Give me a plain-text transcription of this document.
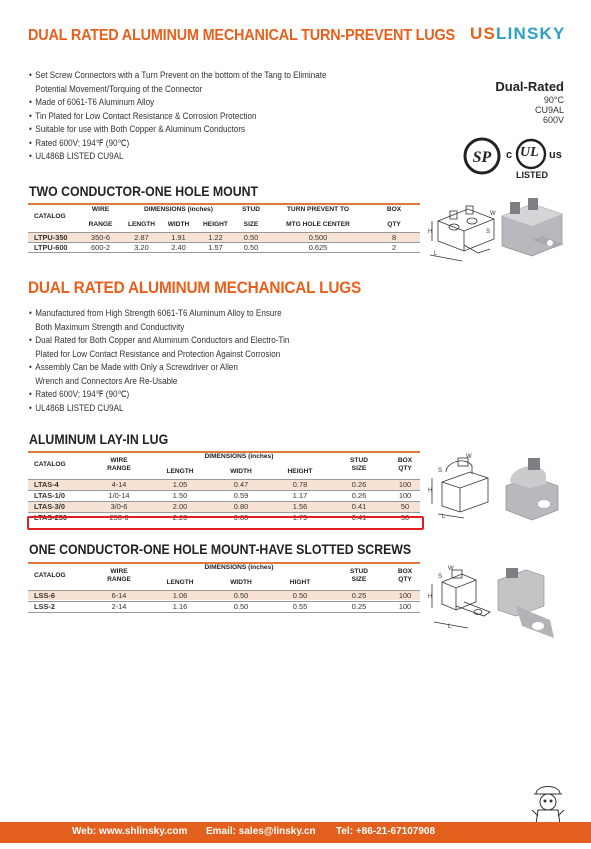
DUAL RATED ALUMINUM MECHANICAL TURN-PREVENT LUGS USLINSKY
• Set Screw Connectors with a Turn Prevent on the bottom of the Tang to Eliminate
Potential Movement/Torquing of the Connector
• Made of 6061-T6 Aluminum Alloy
• Tin Plated for Low Contact Resistance & Corrosion Protection
• Suitable for use with Both Copper & Aluminum Conductors
• Rated 600V; 194℉ (90℃)
• UL486B LISTED CU9AL
Dual-Rated
90°C
CU9AL
600V
SP c UL us
LISTED
TWO CONDUCTOR-ONE HOLE MOUNT
CATALOG	WIRE	DIMENSIONS (inches)			STUD	TURN PREVENT TO	BOX
	RANGE	LENGTH	WIDTH	HEIGHT	SIZE	MTG HOLE CENTER	QTY
LTPU-350	350-6	2.87	1.91	1.22	0.50	0.500	8
LTPU-600	600-2	3.20	2.40	1.57	0.50	0.625	2
H
L
W
S
DUAL RATED ALUMINUM MECHANICAL LUGS
• Manufactured from High Strength 6061-T6 Aluminum Alloy to Ensure
Both Maximum Strength and Conductivity
• Dual Rated for Both Copper and Aluminum Conductors and Electro-Tin
Plated for Low Contact Resistance and Protection Against Corrosion
• Assembly Can be Made with Only a Screwdriver or Allen
Wrench and Connectors Are Re-Usable
• Rated 600V; 194℉ (90℃)
• UL486B LISTED CU9AL
ALUMINUM LAY-IN LUG
CATALOG	WIRE	DIMENSIONS (inches)			STUD	BOX
	RANGE	LENGTH	WIDTH	HEIGHT	SIZE	QTY
LTAS-4	4-14	1.05	0.47	0.78	0.26	100
LTAS-1/0	1/0-14	1.50	0.59	1.17	0.26	100
LTAS-3/0	3/0-6	2.00	0.80	1.56	0.41	50
LTAS-250	250-6	2.20	0.80	1.79	0.41	50
H
L
W
S
ONE CONDUCTOR-ONE HOLE MOUNT-HAVE SLOTTED SCREWS
CATALOG	WIRE	DIMENSIONS (inches)			STUD	BOX
	RANGE	LENGTH	WIDTH	HIGHT	SIZE	QTY
LSS-6	6-14	1.06	0.50	0.50	0.25	100
LSS-2	2-14	1.16	0.50	0.55	0.25	100
H
L
W
S
Web: www.shlinsky.com Email: sales@linsky.cn Tel: +86-21-67107908
